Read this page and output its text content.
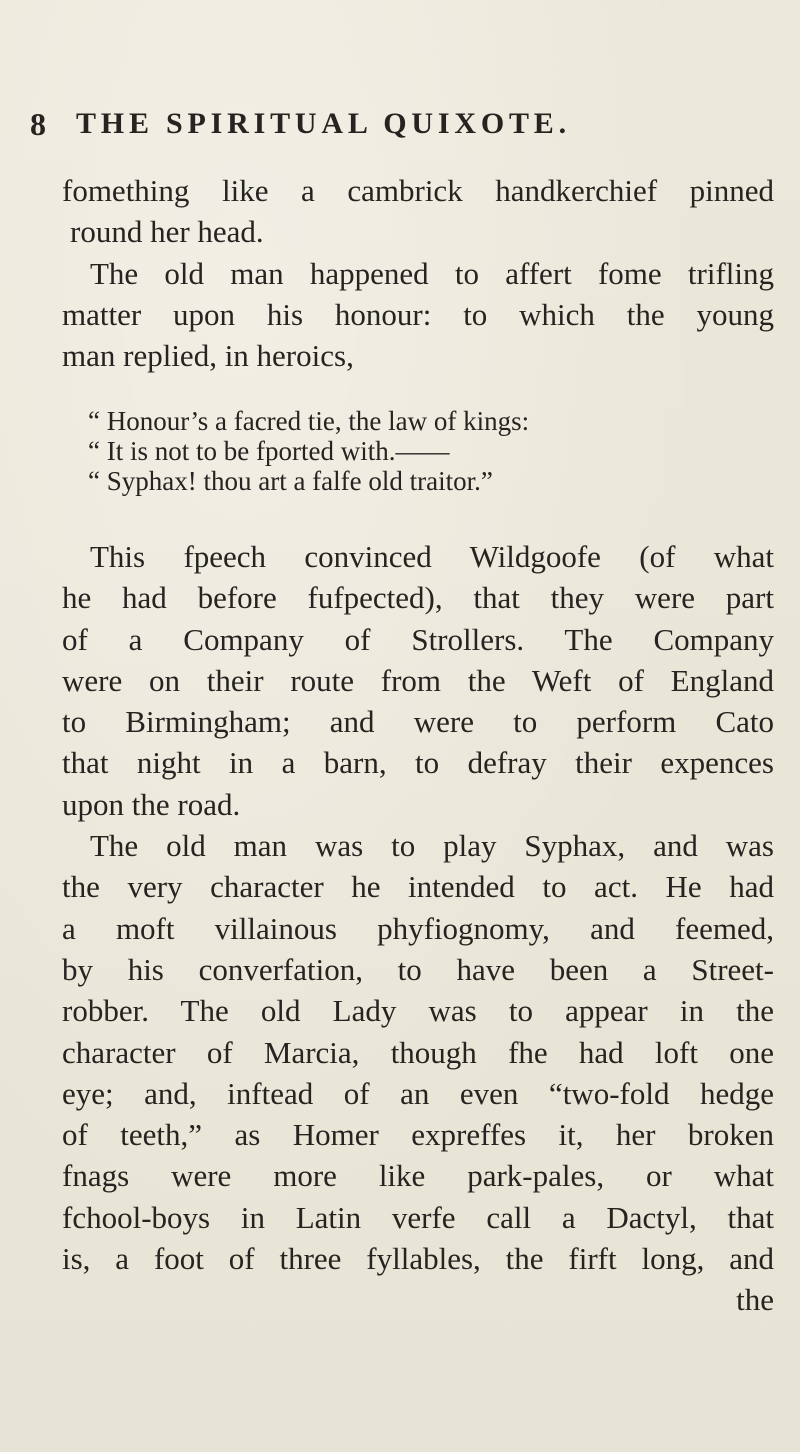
8 THE SPIRITUAL QUIXOTE.
fomething like a cambrick handkerchief pinned
round her head.
The old man happened to affert fome trifling
matter upon his honour: to which the young
man replied, in heroics,
“ Honour’s a facred tie, the law of kings:
“ It is not to be fported with.——
“ Syphax! thou art a falfe old traitor.”
This fpeech convinced Wildgoofe (of what
he had before fufpected), that they were part
of a Company of Strollers. The Company
were on their route from the Weft of England
to Birmingham; and were to perform Cato
that night in a barn, to defray their expences
upon the road.
The old man was to play Syphax, and was
the very character he intended to act. He had
a moft villainous phyfiognomy, and feemed,
by his converfation, to have been a Street-
robber. The old Lady was to appear in the
character of Marcia, though fhe had loft one
eye; and, inftead of an even “two-fold hedge
of teeth,” as Homer expreffes it, her broken
fnags were more like park-pales, or what
fchool-boys in Latin verfe call a Dactyl, that
is, a foot of three fyllables, the firft long, and
the
